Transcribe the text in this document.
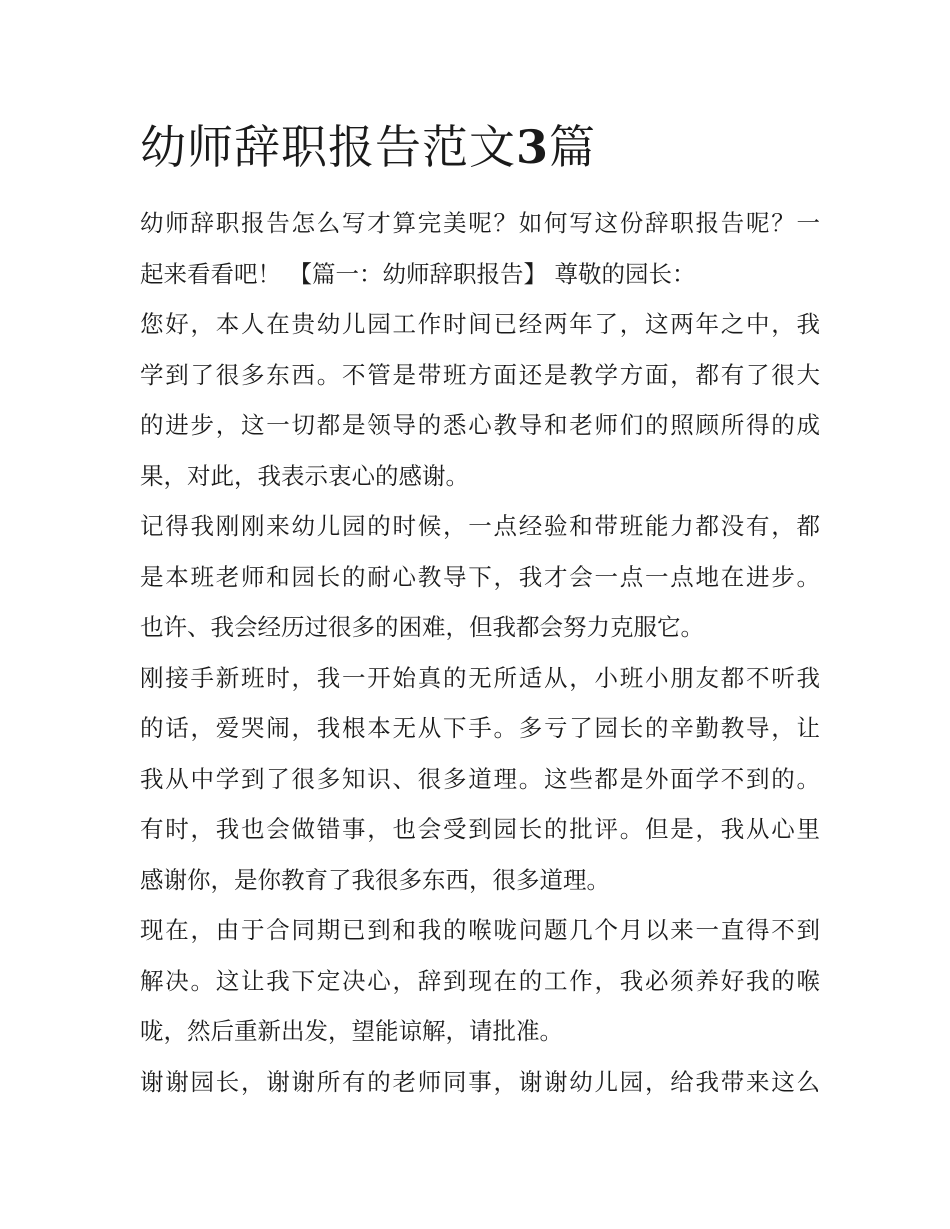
幼师辞职报告范文3篇
幼师辞职报告怎么写才算完美呢？如何写这份辞职报告呢？一
起来看看吧！ 【篇一：幼师辞职报告】 尊敬的园长：
您好，本人在贵幼儿园工作时间已经两年了，这两年之中，我
学到了很多东西。不管是带班方面还是教学方面，都有了很大
的进步，这一切都是领导的悉心教导和老师们的照顾所得的成
果，对此，我表示衷心的感谢。
记得我刚刚来幼儿园的时候，一点经验和带班能力都没有，都
是本班老师和园长的耐心教导下，我才会一点一点地在进步。
也许、我会经历过很多的困难，但我都会努力克服它。
刚接手新班时，我一开始真的无所适从，小班小朋友都不听我
的话，爱哭闹，我根本无从下手。多亏了园长的辛勤教导，让
我从中学到了很多知识、很多道理。这些都是外面学不到的。
有时，我也会做错事，也会受到园长的批评。但是，我从心里
感谢你，是你教育了我很多东西，很多道理。
现在，由于合同期已到和我的喉咙问题几个月以来一直得不到
解决。这让我下定决心，辞到现在的工作，我必须养好我的喉
咙，然后重新出发，望能谅解，请批准。
谢谢园长，谢谢所有的老师同事，谢谢幼儿园，给我带来这么
